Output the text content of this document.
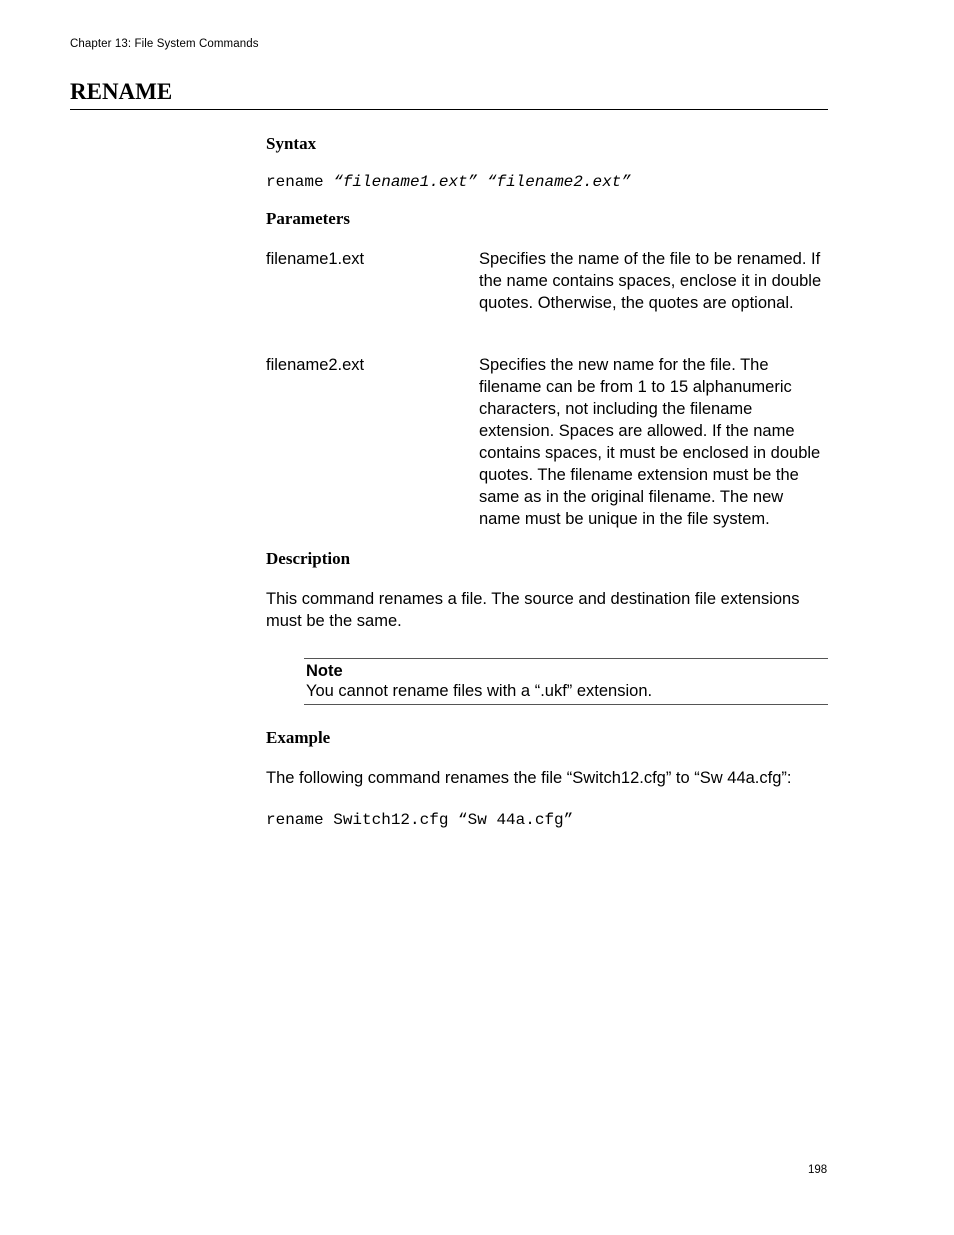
Chapter 13: File System Commands
RENAME
Syntax
rename “filename1.ext” “filename2.ext”
Parameters
filename1.ext	Specifies the name of the file to be renamed. If the name contains spaces, enclose it in double quotes. Otherwise, the quotes are optional.
filename2.ext	Specifies the new name for the file. The filename can be from 1 to 15 alphanumeric characters, not including the filename extension. Spaces are allowed. If the name contains spaces, it must be enclosed in double quotes. The filename extension must be the same as in the original filename. The new name must be unique in the file system.
Description
This command renames a file. The source and destination file extensions must be the same.
Note
You cannot rename files with a “.ukf” extension.
Example
The following command renames the file “Switch12.cfg” to “Sw 44a.cfg”:
rename Switch12.cfg “Sw 44a.cfg”
198
